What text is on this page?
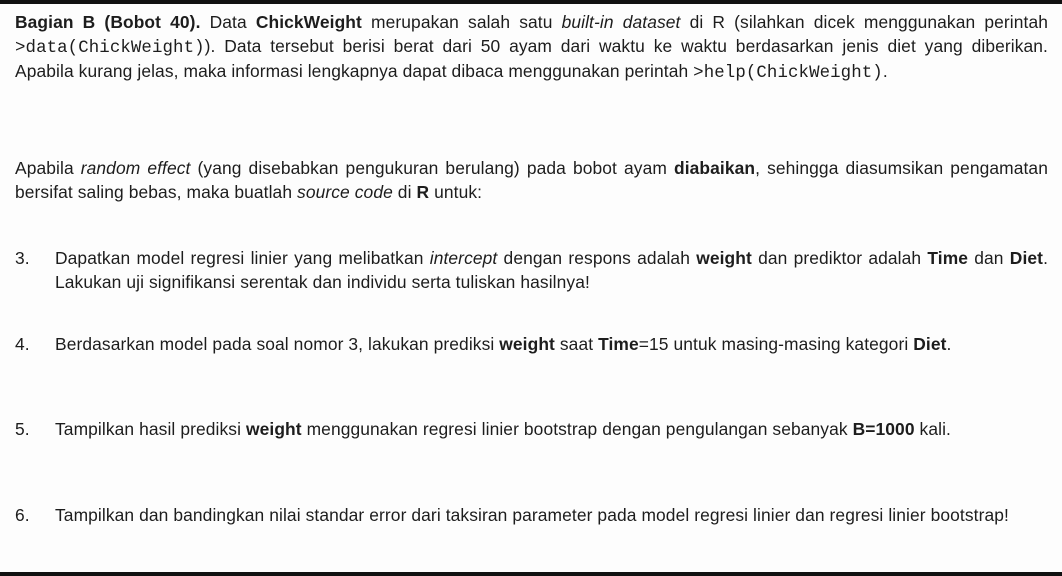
Bagian B (Bobot 40). Data ChickWeight merupakan salah satu built-in dataset di R (silahkan dicek menggunakan perintah >data(ChickWeight)). Data tersebut berisi berat dari 50 ayam dari waktu ke waktu berdasarkan jenis diet yang diberikan. Apabila kurang jelas, maka informasi lengkapnya dapat dibaca menggunakan perintah >help(ChickWeight).

Apabila random effect (yang disebabkan pengukuran berulang) pada bobot ayam diabaikan, sehingga diasumsikan pengamatan bersifat saling bebas, maka buatlah source code di R untuk:

3.	Dapatkan model regresi linier yang melibatkan intercept dengan respons adalah weight dan prediktor adalah Time dan Diet. Lakukan uji signifikansi serentak dan individu serta tuliskan hasilnya!
4.	Berdasarkan model pada soal nomor 3, lakukan prediksi weight saat Time=15 untuk masing-masing kategori Diet.
5.	Tampilkan hasil prediksi weight menggunakan regresi linier bootstrap dengan pengulangan sebanyak B=1000 kali.
6.	Tampilkan dan bandingkan nilai standar error dari taksiran parameter pada model regresi linier dan regresi linier bootstrap!
